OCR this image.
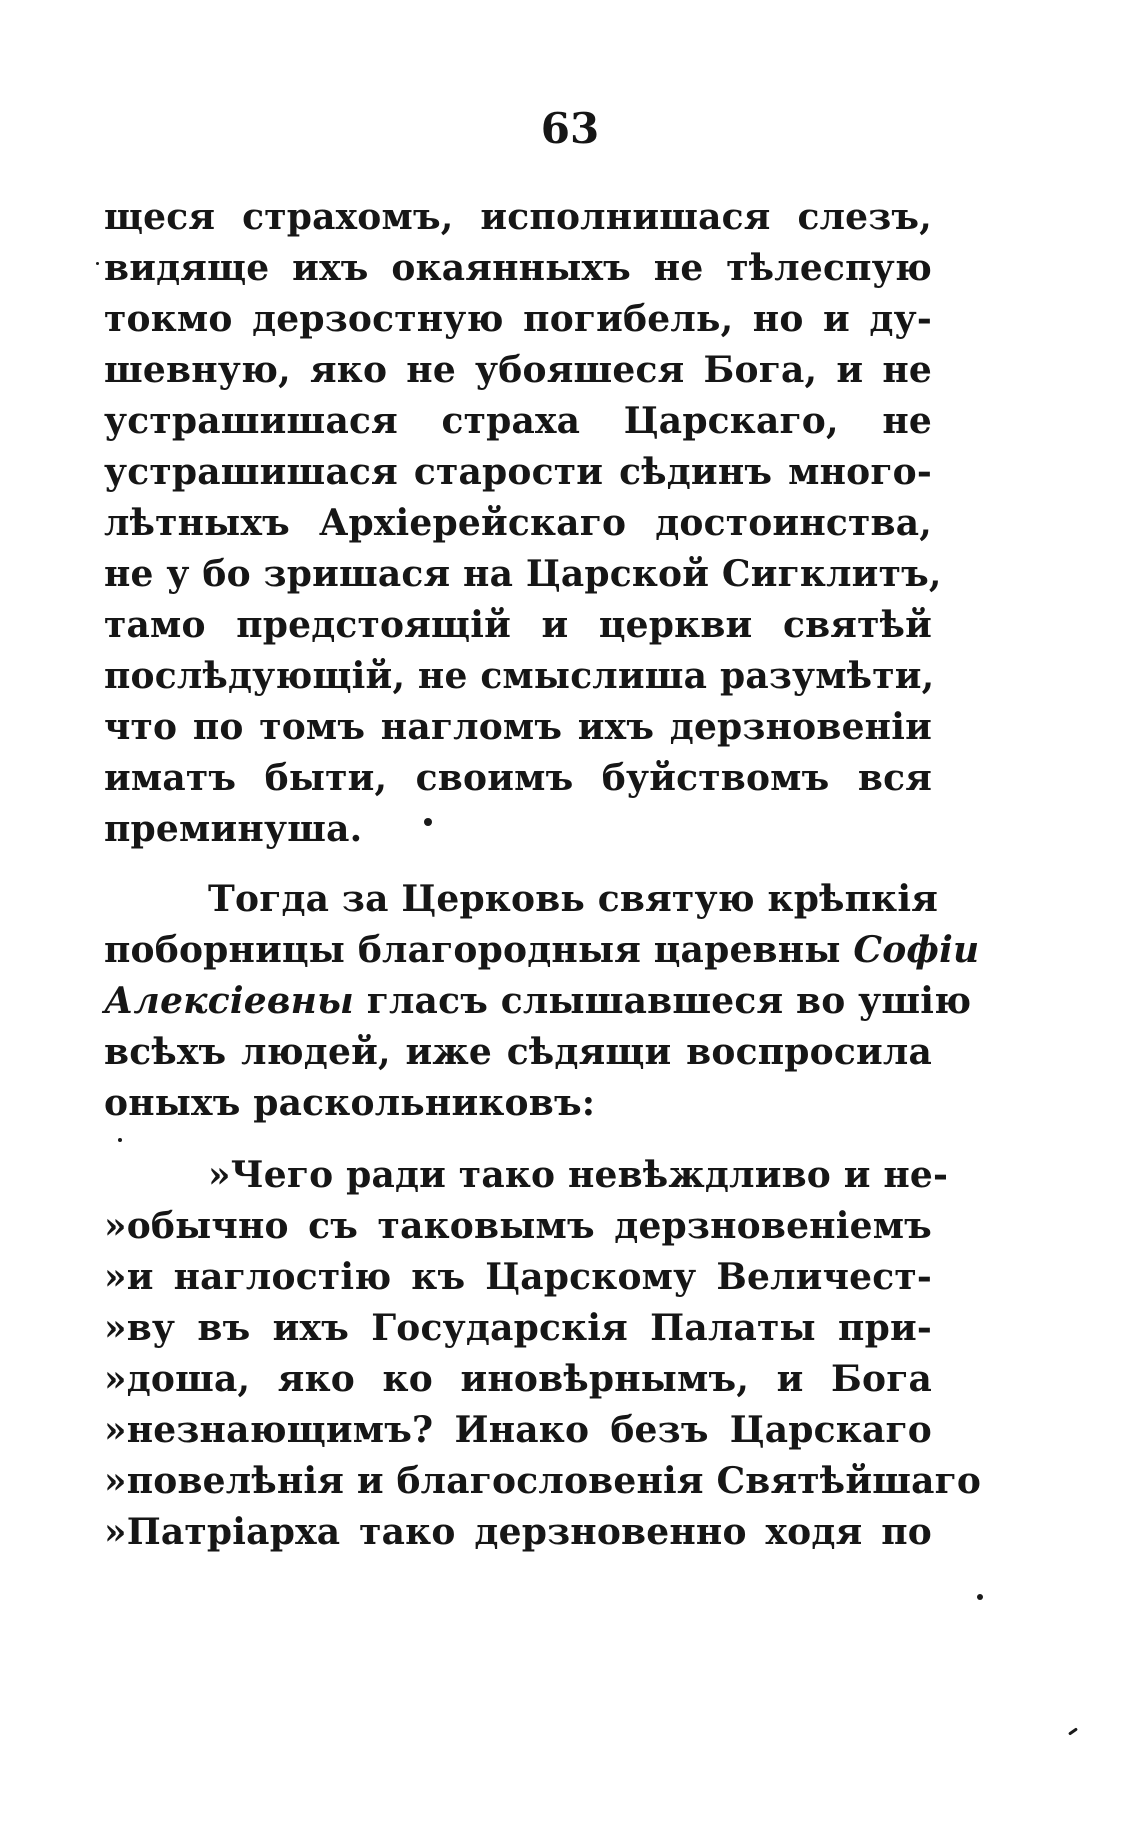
63
щеся страхомъ, исполнишася слезъ,
видяще ихъ окаянныхъ не тѣлеспую
токмо дерзостную погибель, но и ду-
шевную, яко не убояшеся Бога, и не
устрашишася страха Царскаго, не
устрашишася старости сѣдинъ много-
лѣтныхъ Архіерейскаго достоинства,
не у бо зришася на Царской Сигклитъ,
тамо предстоящій и церкви святѣй
послѣдующій, не смыслиша разумѣти,
что по томъ нагломъ ихъ дерзновеніи
иматъ быти, своимъ буйствомъ вся
преминуша.
Тогда за Церковь святую крѣпкія
поборницы благородныя царевны Софіи
Алексіевны гласъ слышавшеся во ушію
всѣхъ людей, иже сѣдящи воспросила
оныхъ раскольниковъ:
»Чего ради тако невѣждливо и не-
»обычно съ таковымъ дерзновеніемъ
»и наглостію къ Царскому Величест-
»ву въ ихъ Государскія Палаты при-
»доша, яко ко иновѣрнымъ, и Бога
»незнающимъ? Инако безъ Царскаго
»повелѣнія и благословенія Святѣйшаго
»Патріарха тако дерзновенно ходя по
